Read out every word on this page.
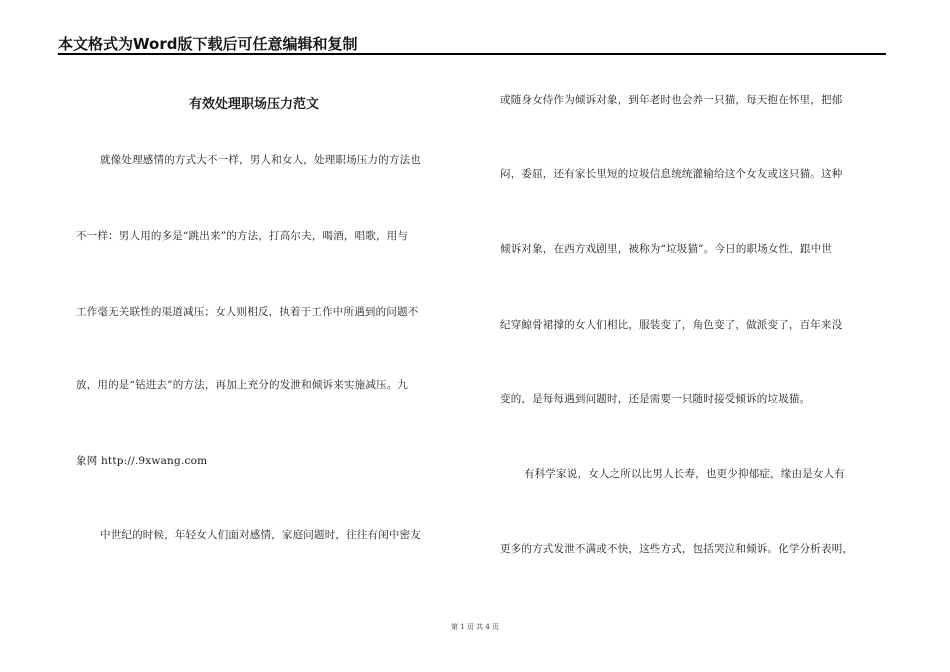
本文格式为Word版下载后可任意编辑和复制
有效处理职场压力范文
就像处理感情的方式大不一样，男人和女人，处理职场压力的方法也
不一样：男人用的多是“跳出来”的方法，打高尔夫，喝酒，唱歌，用与
工作毫无关联性的渠道减压；女人则相反，执着于工作中所遇到的问题不
放，用的是“钻进去”的方法，再加上充分的发泄和倾诉来实施减压。九
象网 http://.9xwang.com
中世纪的时候，年轻女人们面对感情，家庭问题时，往往有闺中密友
或随身女侍作为倾诉对象，到年老时也会养一只猫，每天抱在怀里，把郁
闷，委屈，还有家长里短的垃圾信息统统灌输给这个女友或这只猫。这种
倾诉对象，在西方戏剧里，被称为“垃圾猫”。今日的职场女性，跟中世
纪穿鲸骨裙撑的女人们相比，服装变了，角色变了，做派变了，百年来没
变的，是每每遇到问题时，还是需要一只随时接受倾诉的垃圾猫。
有科学家说，女人之所以比男人长寿，也更少抑郁症，缘由是女人有
更多的方式发泄不满或不快，这些方式，包括哭泣和倾诉。化学分析表明，
第 1 页 共 4 页
